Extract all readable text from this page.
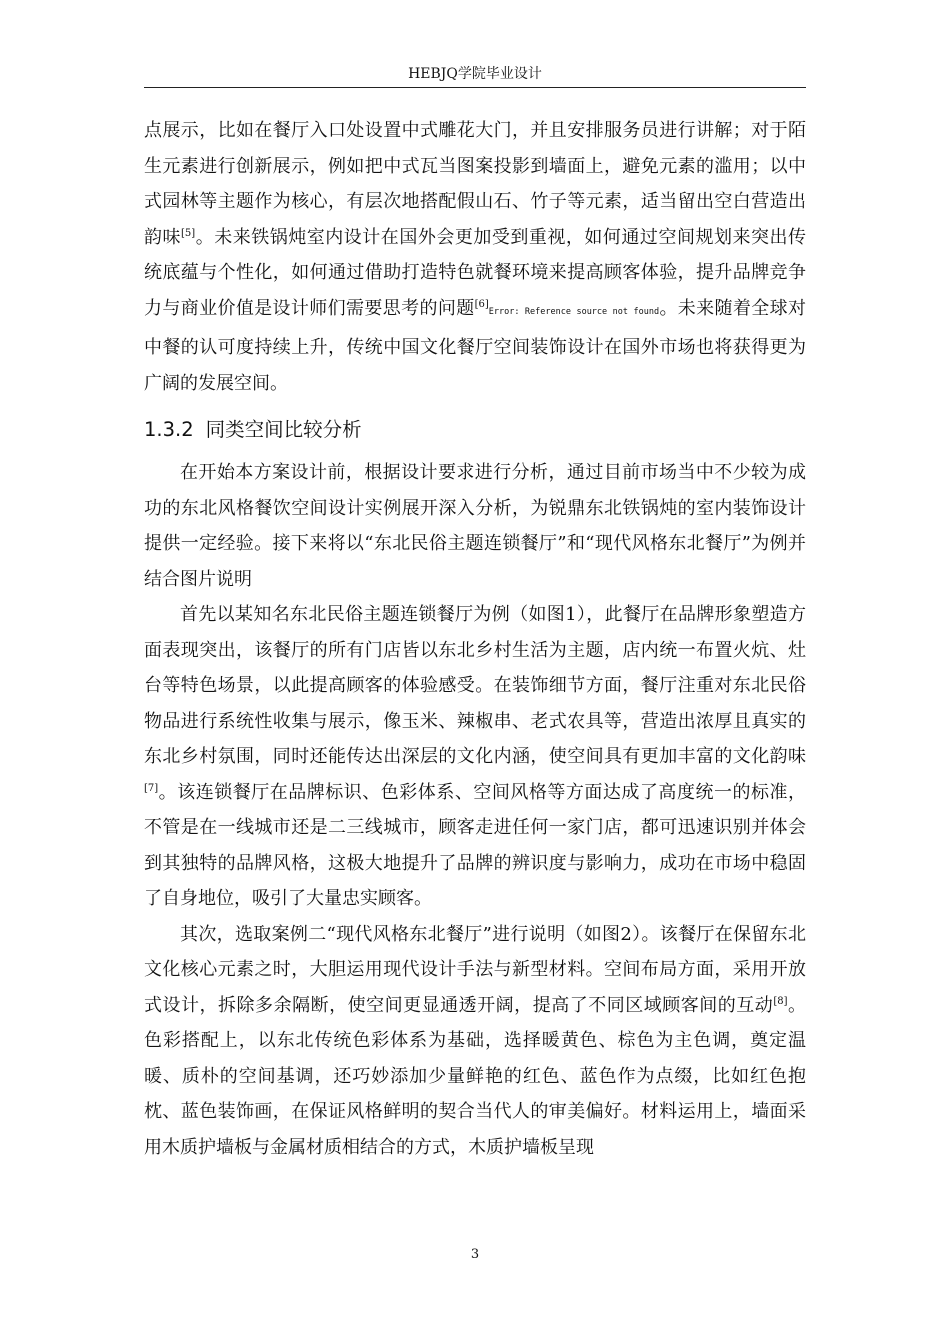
HEBJQ学院毕业设计

点展示，比如在餐厅入口处设置中式雕花大门，并且安排服务员进行讲解；对于陌生元素进行创新展示，例如把中式瓦当图案投影到墙面上，避免元素的滥用；以中式园林等主题作为核心，有层次地搭配假山石、竹子等元素，适当留出空白营造出韵味[5]。未来铁锅炖室内设计在国外会更加受到重视，如何通过空间规划来突出传统底蕴与个性化，如何通过借助打造特色就餐环境来提高顾客体验，提升品牌竞争力与商业价值是设计师们需要思考的问题[6]Error: Reference source not found。未来随着全球对中餐的认可度持续上升，传统中国文化餐厅空间装饰设计在国外市场也将获得更为广阔的发展空间。

1.3.2 同类空间比较分析

在开始本方案设计前，根据设计要求进行分析，通过目前市场当中不少较为成功的东北风格餐饮空间设计实例展开深入分析，为锐鼎东北铁锅炖的室内装饰设计提供一定经验。接下来将以“东北民俗主题连锁餐厅”和“现代风格东北餐厅”为例并结合图片说明

首先以某知名东北民俗主题连锁餐厅为例（如图1），此餐厅在品牌形象塑造方面表现突出，该餐厅的所有门店皆以东北乡村生活为主题，店内统一布置火炕、灶台等特色场景，以此提高顾客的体验感受。在装饰细节方面，餐厅注重对东北民俗物品进行系统性收集与展示，像玉米、辣椒串、老式农具等，营造出浓厚且真实的东北乡村氛围，同时还能传达出深层的文化内涵，使空间具有更加丰富的文化韵味[7]。该连锁餐厅在品牌标识、色彩体系、空间风格等方面达成了高度统一的标准，不管是在一线城市还是二三线城市，顾客走进任何一家门店，都可迅速识别并体会到其独特的品牌风格，这极大地提升了品牌的辨识度与影响力，成功在市场中稳固了自身地位，吸引了大量忠实顾客。

其次，选取案例二“现代风格东北餐厅”进行说明（如图2）。该餐厅在保留东北文化核心元素之时，大胆运用现代设计手法与新型材料。空间布局方面，采用开放式设计，拆除多余隔断，使空间更显通透开阔，提高了不同区域顾客间的互动[8]。色彩搭配上，以东北传统色彩体系为基础，选择暖黄色、棕色为主色调，奠定温暖、质朴的空间基调，还巧妙添加少量鲜艳的红色、蓝色作为点缀，比如红色抱枕、蓝色装饰画，在保证风格鲜明的契合当代人的审美偏好。材料运用上，墙面采用木质护墙板与金属材质相结合的方式，木质护墙板呈现

3
